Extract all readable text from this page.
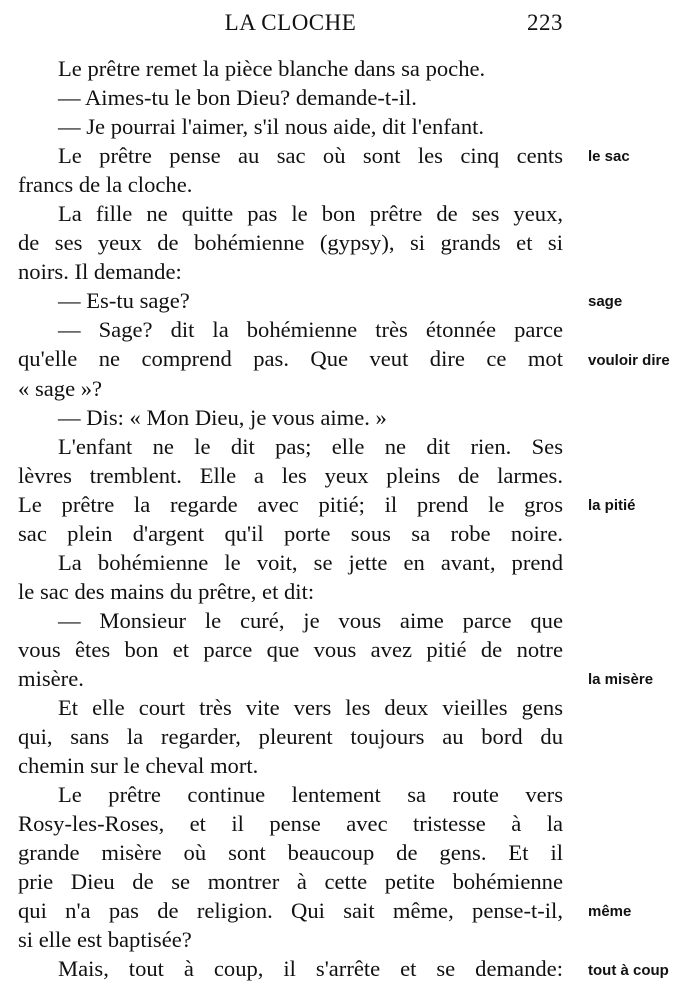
LA CLOCHE	223
Le prêtre remet la pièce blanche dans sa poche.
— Aimes-tu le bon Dieu? demande-t-il.
— Je pourrai l'aimer, s'il nous aide, dit l'enfant.
Le prêtre pense au sac où sont les cinq cents
francs de la cloche.
La fille ne quitte pas le bon prêtre de ses yeux,
de ses yeux de bohémienne (gypsy), si grands et si
noirs. Il demande:
— Es-tu sage?
— Sage? dit la bohémienne très étonnée parce
qu'elle ne comprend pas. Que veut dire ce mot
« sage »?
— Dis: « Mon Dieu, je vous aime. »
L'enfant ne le dit pas; elle ne dit rien. Ses
lèvres tremblent. Elle a les yeux pleins de larmes.
Le prêtre la regarde avec pitié; il prend le gros
sac plein d'argent qu'il porte sous sa robe noire.
La bohémienne le voit, se jette en avant, prend
le sac des mains du prêtre, et dit:
— Monsieur le curé, je vous aime parce que
vous êtes bon et parce que vous avez pitié de notre
misère.
Et elle court très vite vers les deux vieilles gens
qui, sans la regarder, pleurent toujours au bord du
chemin sur le cheval mort.
Le prêtre continue lentement sa route vers
Rosy-les-Roses, et il pense avec tristesse à la
grande misère où sont beaucoup de gens. Et il
prie Dieu de se montrer à cette petite bohémienne
qui n'a pas de religion. Qui sait même, pense-t-il,
si elle est baptisée?
Mais, tout à coup, il s'arrête et se demande:
le sac
sage
vouloir dire
la pitié
la misère
même
tout à coup
